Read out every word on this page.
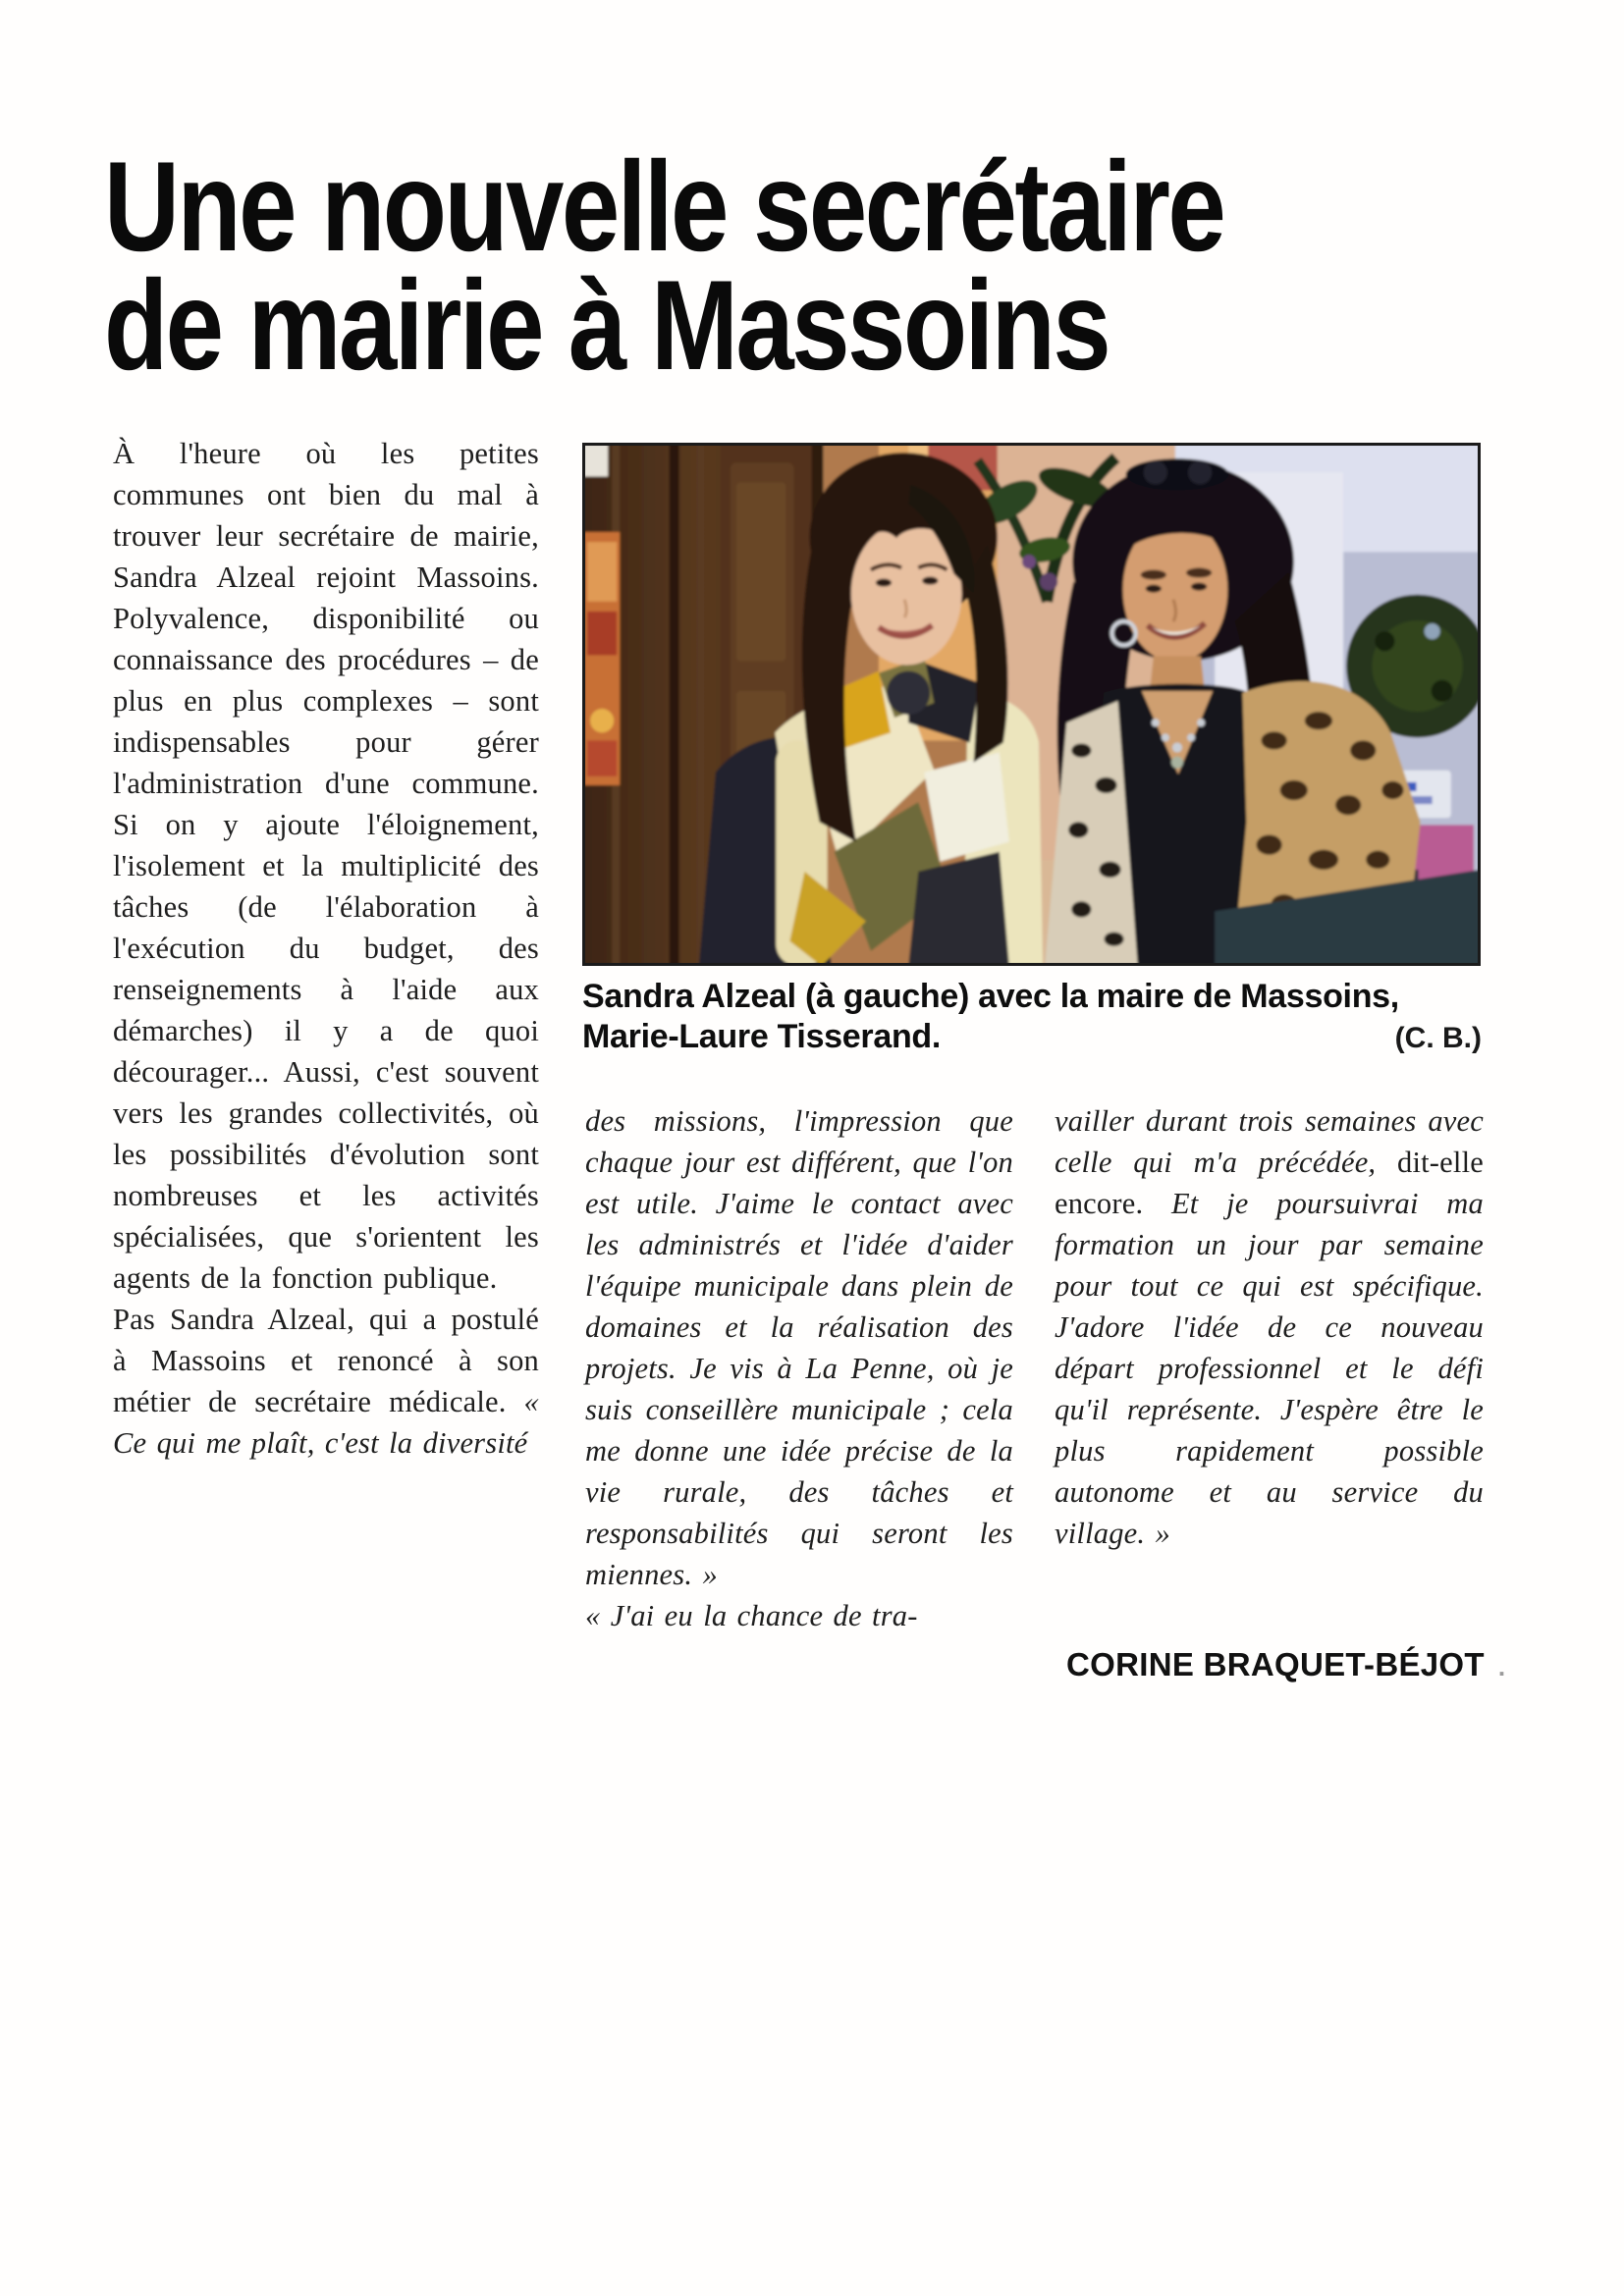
Une nouvelle secrétaire
de mairie à Massoins

À l'heure où les petites communes ont bien du mal à trouver leur secrétaire de mairie, Sandra Alzeal rejoint Massoins. Polyvalence, disponibilité ou connaissance des procédures – de plus en plus complexes – sont indispensables pour gérer l'administration d'une commune. Si on y ajoute l'éloignement, l'isolement et la multiplicité des tâches (de l'élaboration à l'exécution du budget, des renseignements à l'aide aux démarches) il y a de quoi décourager... Aussi, c'est souvent vers les grandes collectivités, où les possibilités d'évolution sont nombreuses et les activités spécialisées, que s'orientent les agents de la fonction publique.

Pas Sandra Alzeal, qui a postulé à Massoins et renoncé à son métier de secrétaire médicale. « Ce qui me plaît, c'est la diversité

Sandra Alzeal (à gauche) avec la maire de Massoins,
Marie-Laure Tisserand.	(C. B.)

des missions, l'impression que chaque jour est différent, que l'on est utile. J'aime le contact avec les administrés et l'idée d'aider l'équipe municipale dans plein de domaines et la réalisation des projets. Je vis à La Penne, où je suis conseillère municipale ; cela me donne une idée précise de la vie rurale, des tâches et responsabilités qui seront les miennes. »

« J'ai eu la chance de tra-

vailler durant trois semaines avec celle qui m'a précédée, dit-elle encore. Et je poursuivrai ma formation un jour par semaine pour tout ce qui est spécifique. J'adore l'idée de ce nouveau départ professionnel et le défi qu'il représente. J'espère être le plus rapidement possible autonome et au service du village. »

CORINE BRAQUET-BÉJOT .
